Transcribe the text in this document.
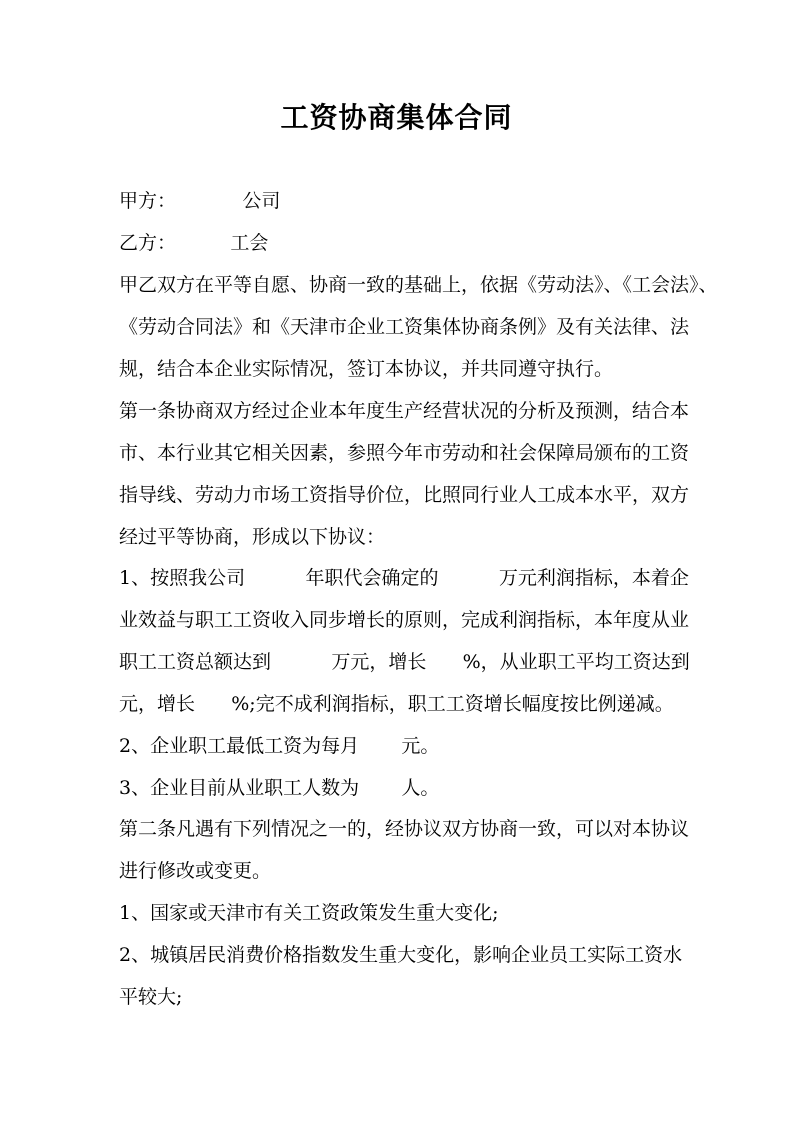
工资协商集体合同
甲方：           公司
乙方：         工会
甲乙双方在平等自愿、协商一致的基础上，依据《劳动法》、《工会法》、
《劳动合同法》和《天津市企业工资集体协商条例》及有关法律、法
规，结合本企业实际情况，签订本协议，并共同遵守执行。
第一条协商双方经过企业本年度生产经营状况的分析及预测，结合本
市、本行业其它相关因素，参照今年市劳动和社会保障局颁布的工资
指导线、劳动力市场工资指导价位，比照同行业人工成本水平，双方
经过平等协商，形成以下协议：
1、按照我公司          年职代会确定的          万元利润指标，本着企
业效益与职工工资收入同步增长的原则，完成利润指标，本年度从业
职工工资总额达到          万元，增长      %，从业职工平均工资达到
元，增长      %;完不成利润指标，职工工资增长幅度按比例递减。
2、企业职工最低工资为每月       元。
3、企业目前从业职工人数为       人。
第二条凡遇有下列情况之一的，经协议双方协商一致，可以对本协议
进行修改或变更。
1、国家或天津市有关工资政策发生重大变化;
2、城镇居民消费价格指数发生重大变化，影响企业员工实际工资水
平较大;
